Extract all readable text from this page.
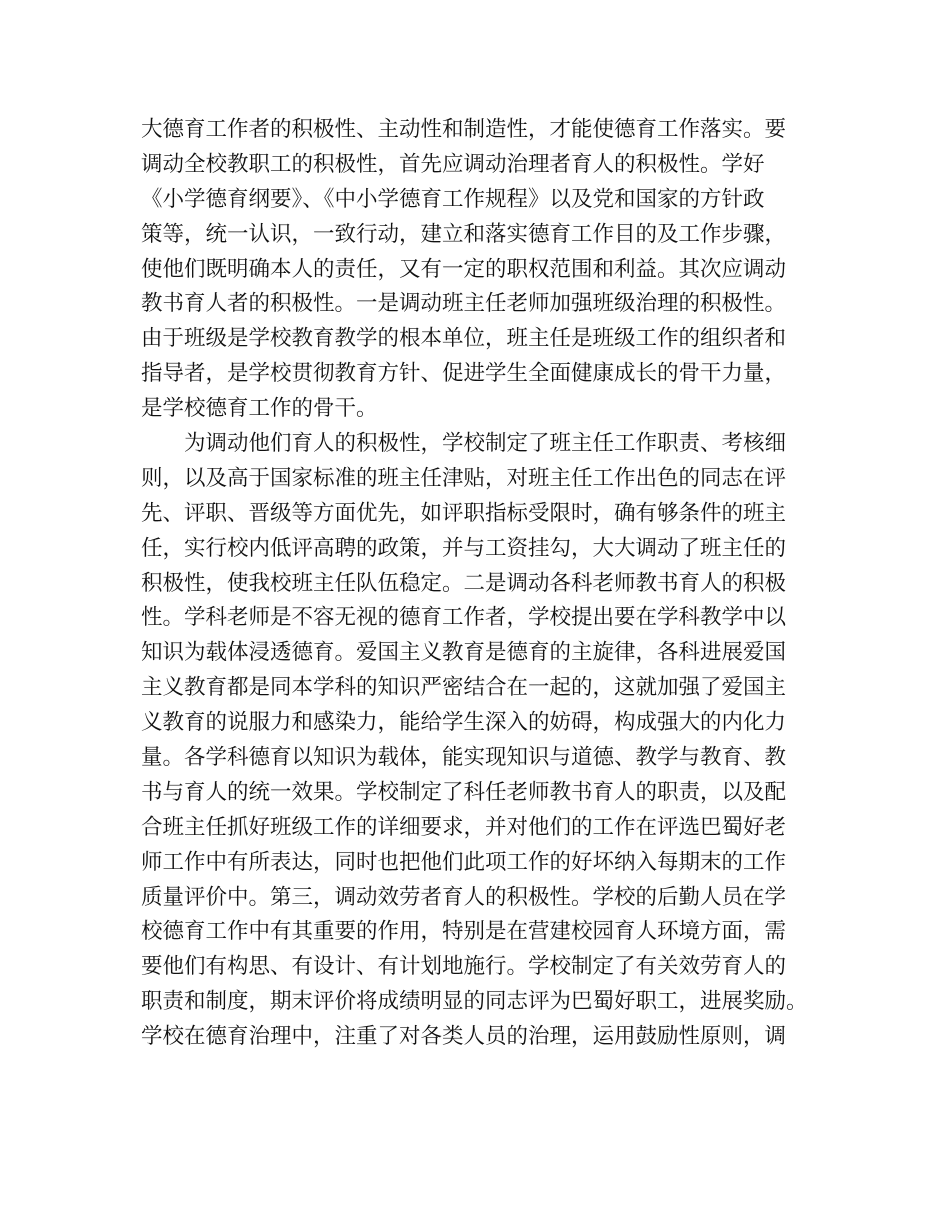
大德育工作者的积极性、主动性和制造性，才能使德育工作落实。要
调动全校教职工的积极性，首先应调动治理者育人的积极性。学好
《小学德育纲要》、《中小学德育工作规程》以及党和国家的方针政
策等，统一认识，一致行动，建立和落实德育工作目的及工作步骤，
使他们既明确本人的责任，又有一定的职权范围和利益。其次应调动
教书育人者的积极性。一是调动班主任老师加强班级治理的积极性。
由于班级是学校教育教学的根本单位，班主任是班级工作的组织者和
指导者，是学校贯彻教育方针、促进学生全面健康成长的骨干力量，
是学校德育工作的骨干。
为调动他们育人的积极性，学校制定了班主任工作职责、考核细
则，以及高于国家标准的班主任津贴，对班主任工作出色的同志在评
先、评职、晋级等方面优先，如评职指标受限时，确有够条件的班主
任，实行校内低评高聘的政策，并与工资挂勾，大大调动了班主任的
积极性，使我校班主任队伍稳定。二是调动各科老师教书育人的积极
性。学科老师是不容无视的德育工作者，学校提出要在学科教学中以
知识为载体浸透德育。爱国主义教育是德育的主旋律，各科进展爱国
主义教育都是同本学科的知识严密结合在一起的，这就加强了爱国主
义教育的说服力和感染力，能给学生深入的妨碍，构成强大的内化力
量。各学科德育以知识为载体，能实现知识与道德、教学与教育、教
书与育人的统一效果。学校制定了科任老师教书育人的职责，以及配
合班主任抓好班级工作的详细要求，并对他们的工作在评选巴蜀好老
师工作中有所表达，同时也把他们此项工作的好坏纳入每期末的工作
质量评价中。第三，调动效劳者育人的积极性。学校的后勤人员在学
校德育工作中有其重要的作用，特别是在营建校园育人环境方面，需
要他们有构思、有设计、有计划地施行。学校制定了有关效劳育人的
职责和制度，期末评价将成绩明显的同志评为巴蜀好职工，进展奖励。
学校在德育治理中，注重了对各类人员的治理，运用鼓励性原则，调
